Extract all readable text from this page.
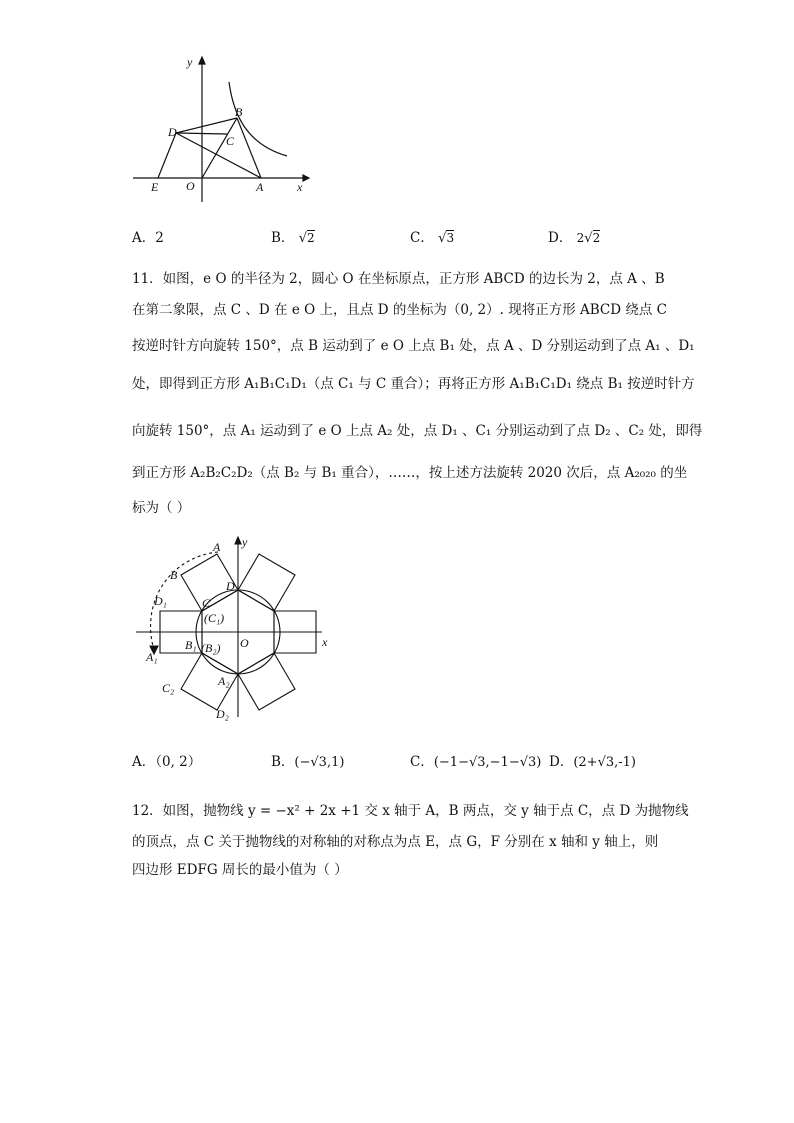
y
x
B
D
C
E O	A
A．2	B． √2	C． √3	D． 2√2
11．如图，e O 的半径为 2，圆心 O 在坐标原点，正方形 ABCD 的边长为 2，点 A 、B
在第二象限，点 C 、D 在 e O 上，且点 D 的坐标为（0, 2）. 现将正方形 ABCD 绕点 C
按逆时针方向旋转 150°，点 B 运动到了 e O 上点 B₁ 处，点 A 、D 分别运动到了点 A₁ 、D₁
处，即得到正方形 A₁B₁C₁D₁（点 C₁ 与 C 重合）；再将正方形 A₁B₁C₁D₁ 绕点 B₁ 按逆时针方
向旋转 150°，点 A₁ 运动到了 e O 上点 A₂ 处，点 D₁ 、C₁ 分别运动到了点 D₂ 、C₂ 处，即得
到正方形 A₂B₂C₂D₂（点 B₂ 与 B₁ 重合），……，按上述方法旋转 2020 次后，点 A₂₀₂₀ 的坐
标为（ ）
y
x
A
B
D
D₁	C
(C₁)
O
A₁
B₁ (B₂)
A₂
C₂
D₂
A．（0, 2）	B．(−√3,1)	C．(−1−√3,−1−√3) D．(2+√3,-1)
12．如图，抛物线 y = −x² + 2x +1 交 x 轴于 A，B 两点，交 y 轴于点 C，点 D 为抛物线
的顶点，点 C 关于抛物线的对称轴的对称点为点 E，点 G，F 分别在 x 轴和 y 轴上，则
四边形 EDFG 周长的最小值为（ ）
